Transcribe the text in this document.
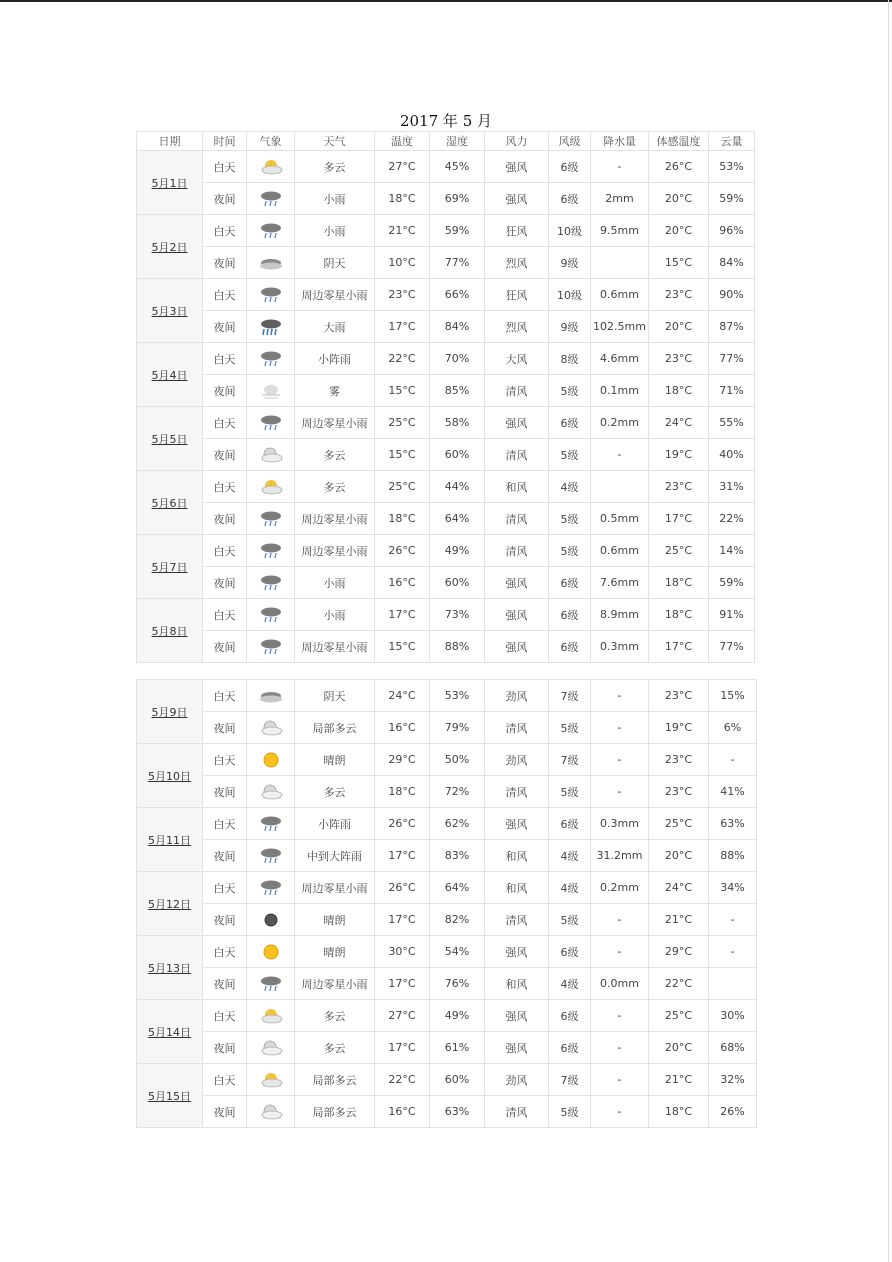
2017 年 5 月
日期	时间	气象	天气	温度	湿度	风力	风级	降水量	体感温度	云量
5月1日	白天		多云	27°C	45%	强风	6级	-	26°C	53%
	夜间		小雨	18°C	69%	强风	6级	2mm	20°C	59%
5月2日	白天		小雨	21°C	59%	狂风	10级	9.5mm	20°C	96%
	夜间		阴天	10°C	77%	烈风	9级		15°C	84%
5月3日	白天		周边零星小雨	23°C	66%	狂风	10级	0.6mm	23°C	90%
	夜间		大雨	17°C	84%	烈风	9级	102.5mm	20°C	87%
5月4日	白天		小阵雨	22°C	70%	大风	8级	4.6mm	23°C	77%
	夜间		雾	15°C	85%	清风	5级	0.1mm	18°C	71%
5月5日	白天		周边零星小雨	25°C	58%	强风	6级	0.2mm	24°C	55%
	夜间		多云	15°C	60%	清风	5级	-	19°C	40%
5月6日	白天		多云	25°C	44%	和风	4级		23°C	31%
	夜间		周边零星小雨	18°C	64%	清风	5级	0.5mm	17°C	22%
5月7日	白天		周边零星小雨	26°C	49%	清风	5级	0.6mm	25°C	14%
	夜间		小雨	16°C	60%	强风	6级	7.6mm	18°C	59%
5月8日	白天		小雨	17°C	73%	强风	6级	8.9mm	18°C	91%
	夜间		周边零星小雨	15°C	88%	强风	6级	0.3mm	17°C	77%
5月9日	白天		阴天	24°C	53%	劲风	7级	-	23°C	15%
	夜间		局部多云	16°C	79%	清风	5级	-	19°C	6%
5月10日	白天		晴朗	29°C	50%	劲风	7级	-	23°C	-
	夜间		多云	18°C	72%	清风	5级	-	23°C	41%
5月11日	白天		小阵雨	26°C	62%	强风	6级	0.3mm	25°C	63%
	夜间		中到大阵雨	17°C	83%	和风	4级	31.2mm	20°C	88%
5月12日	白天		周边零星小雨	26°C	64%	和风	4级	0.2mm	24°C	34%
	夜间		晴朗	17°C	82%	清风	5级	-	21°C	-
5月13日	白天		晴朗	30°C	54%	强风	6级	-	29°C	-
	夜间		周边零星小雨	17°C	76%	和风	4级	0.0mm	22°C	
5月14日	白天		多云	27°C	49%	强风	6级	-	25°C	30%
	夜间		多云	17°C	61%	强风	6级	-	20°C	68%
5月15日	白天		局部多云	22°C	60%	劲风	7级	-	21°C	32%
	夜间		局部多云	16°C	63%	清风	5级	-	18°C	26%
